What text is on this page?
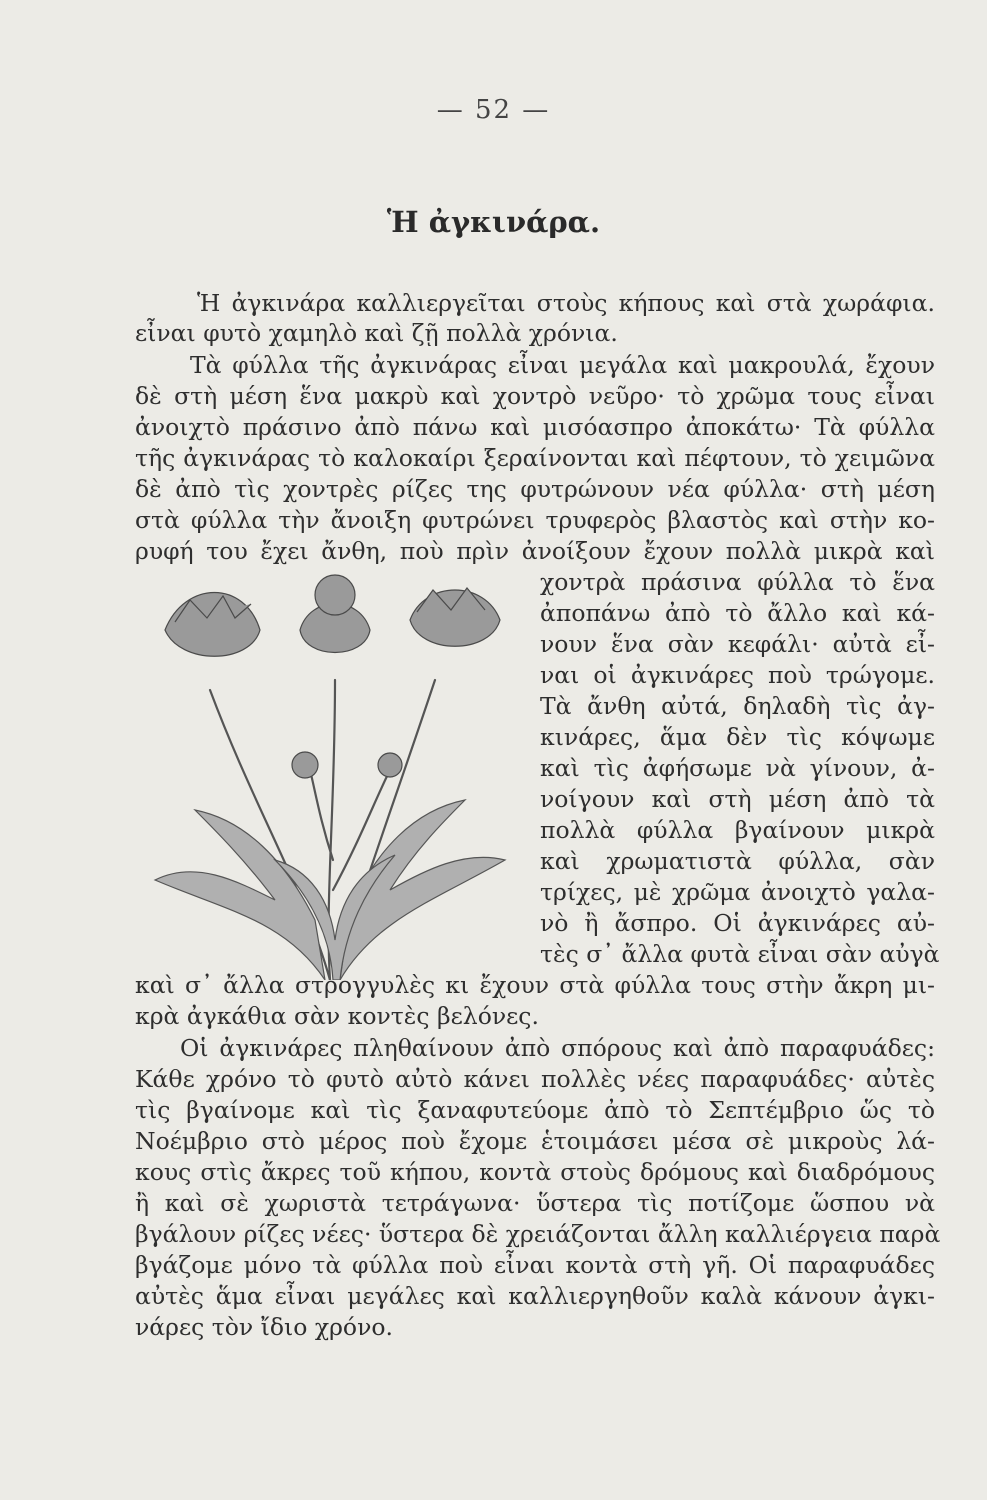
— 52 —
Ἡ ἀγκινάρα.
Ἡ ἀγκινάρα καλλιεργεῖται στοὺς κήπους καὶ στὰ χωράφια.
εἶναι φυτὸ χαμηλὸ καὶ ζῇ πολλὰ χρόνια.
Τὰ φύλλα τῆς ἀγκινάρας εἶναι μεγάλα καὶ μακρουλά, ἔχουν
δὲ στὴ μέση ἕνα μακρὺ καὶ χοντρὸ νεῦρο· τὸ χρῶμα τους εἶναι
ἀνοιχτὸ πράσινο ἀπὸ πάνω καὶ μισόασπρο ἀποκάτω· Τὰ φύλλα
τῆς ἀγκινάρας τὸ καλοκαίρι ξεραίνονται καὶ πέφτουν, τὸ χειμῶνα
δὲ ἀπὸ τὶς χοντρὲς ρίζες της φυτρώνουν νέα φύλλα· στὴ μέση
στὰ φύλλα τὴν ἄνοιξη φυτρώνει τρυφερὸς βλαστὸς καὶ στὴν κο-
ρυφή του ἔχει ἄνθη, ποὺ πρὶν ἀνοίξουν ἔχουν πολλὰ μικρὰ καὶ
χοντρὰ πράσινα φύλλα τὸ ἕνα
ἀποπάνω ἀπὸ τὸ ἄλλο καὶ κά-
νουν ἕνα σὰν κεφάλι· αὐτὰ εἶ-
ναι οἱ ἀγκινάρες ποὺ τρώγομε.
Τὰ ἄνθη αὐτά, δηλαδὴ τὶς ἀγ-
κινάρες, ἅμα δὲν τὶς κόψωμε
καὶ τὶς ἀφήσωμε νὰ γίνουν, ἀ-
νοίγουν καὶ στὴ μέση ἀπὸ τὰ
πολλὰ φύλλα βγαίνουν μικρὰ
καὶ χρωματιστὰ φύλλα, σὰν
τρίχες, μὲ χρῶμα ἀνοιχτὸ γαλα-
νὸ ἢ ἄσπρο. Οἱ ἀγκινάρες αὐ-
τὲς σ᾽ ἄλλα φυτὰ εἶναι σὰν αὐγὰ
καὶ σ᾽ ἄλλα στρογγυλὲς κι ἔχουν στὰ φύλλα τους στὴν ἄκρη μι-
κρὰ ἀγκάθια σὰν κοντὲς βελόνες.
Οἱ ἀγκινάρες πληθαίνουν ἀπὸ σπόρους καὶ ἀπὸ παραφυάδες:
Κάθε χρόνο τὸ φυτὸ αὐτὸ κάνει πολλὲς νέες παραφυάδες· αὐτὲς
τὶς βγαίνομε καὶ τὶς ξαναφυτεύομε ἀπὸ τὸ Σεπτέμβριο ὥς τὸ
Νοέμβριο στὸ μέρος ποὺ ἔχομε ἑτοιμάσει μέσα σὲ μικροὺς λά-
κους στὶς ἄκρες τοῦ κήπου, κοντὰ στοὺς δρόμους καὶ διαδρόμους
ἢ καὶ σὲ χωριστὰ τετράγωνα· ὕστερα τὶς ποτίζομε ὥσπου νὰ
βγάλουν ρίζες νέες· ὕστερα δὲ χρειάζονται ἄλλη καλλιέργεια παρὰ
βγάζομε μόνο τὰ φύλλα ποὺ εἶναι κοντὰ στὴ γῆ. Οἱ παραφυάδες
αὐτὲς ἅμα εἶναι μεγάλες καὶ καλλιεργηθοῦν καλὰ κάνουν ἀγκι-
νάρες τὸν ἴδιο χρόνο.
